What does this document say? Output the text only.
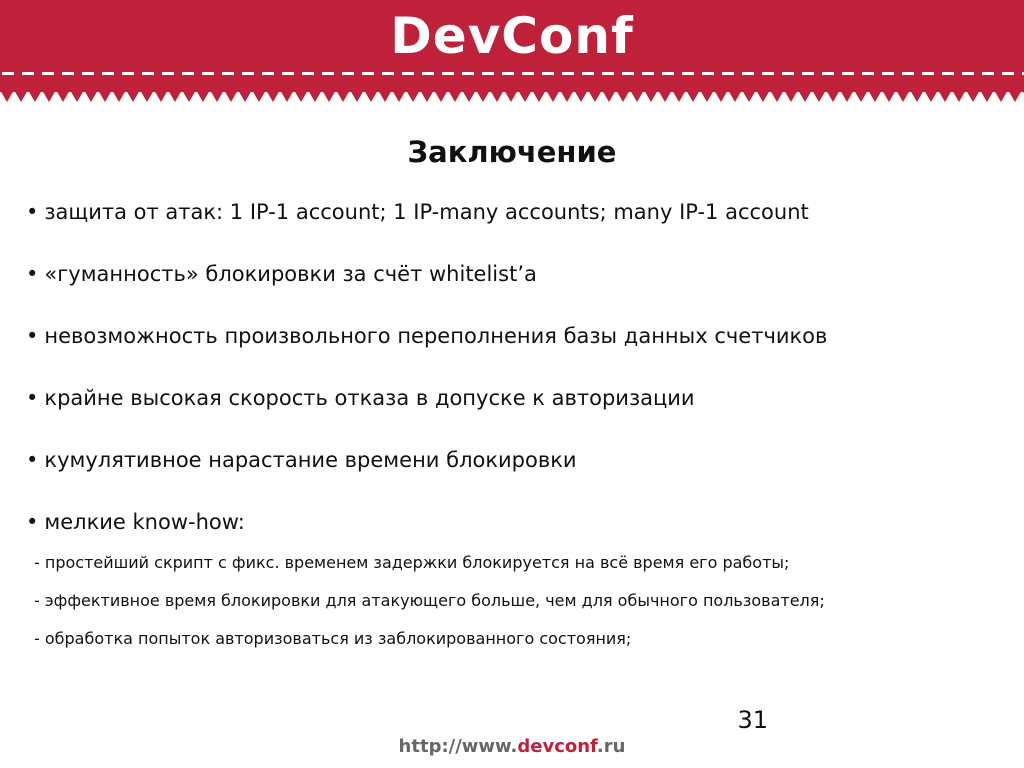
DevConf
Заключение
• защита от атак: 1 IP-1 account; 1 IP-many accounts; many IP-1 account
• «гуманность» блокировки за счёт whitelist’а
• невозможность произвольного переполнения базы данных счетчиков
• крайне высокая скорость отказа в допуске к авторизации
• кумулятивное нарастание времени блокировки
• мелкие know-how:
- простейший скрипт с фикс. временем задержки блокируется на всё время его работы;
- эффективное время блокировки для атакующего больше, чем для обычного пользователя;
- обработка попыток авторизоваться из заблокированного состояния;
31
http://www.devconf.ru
